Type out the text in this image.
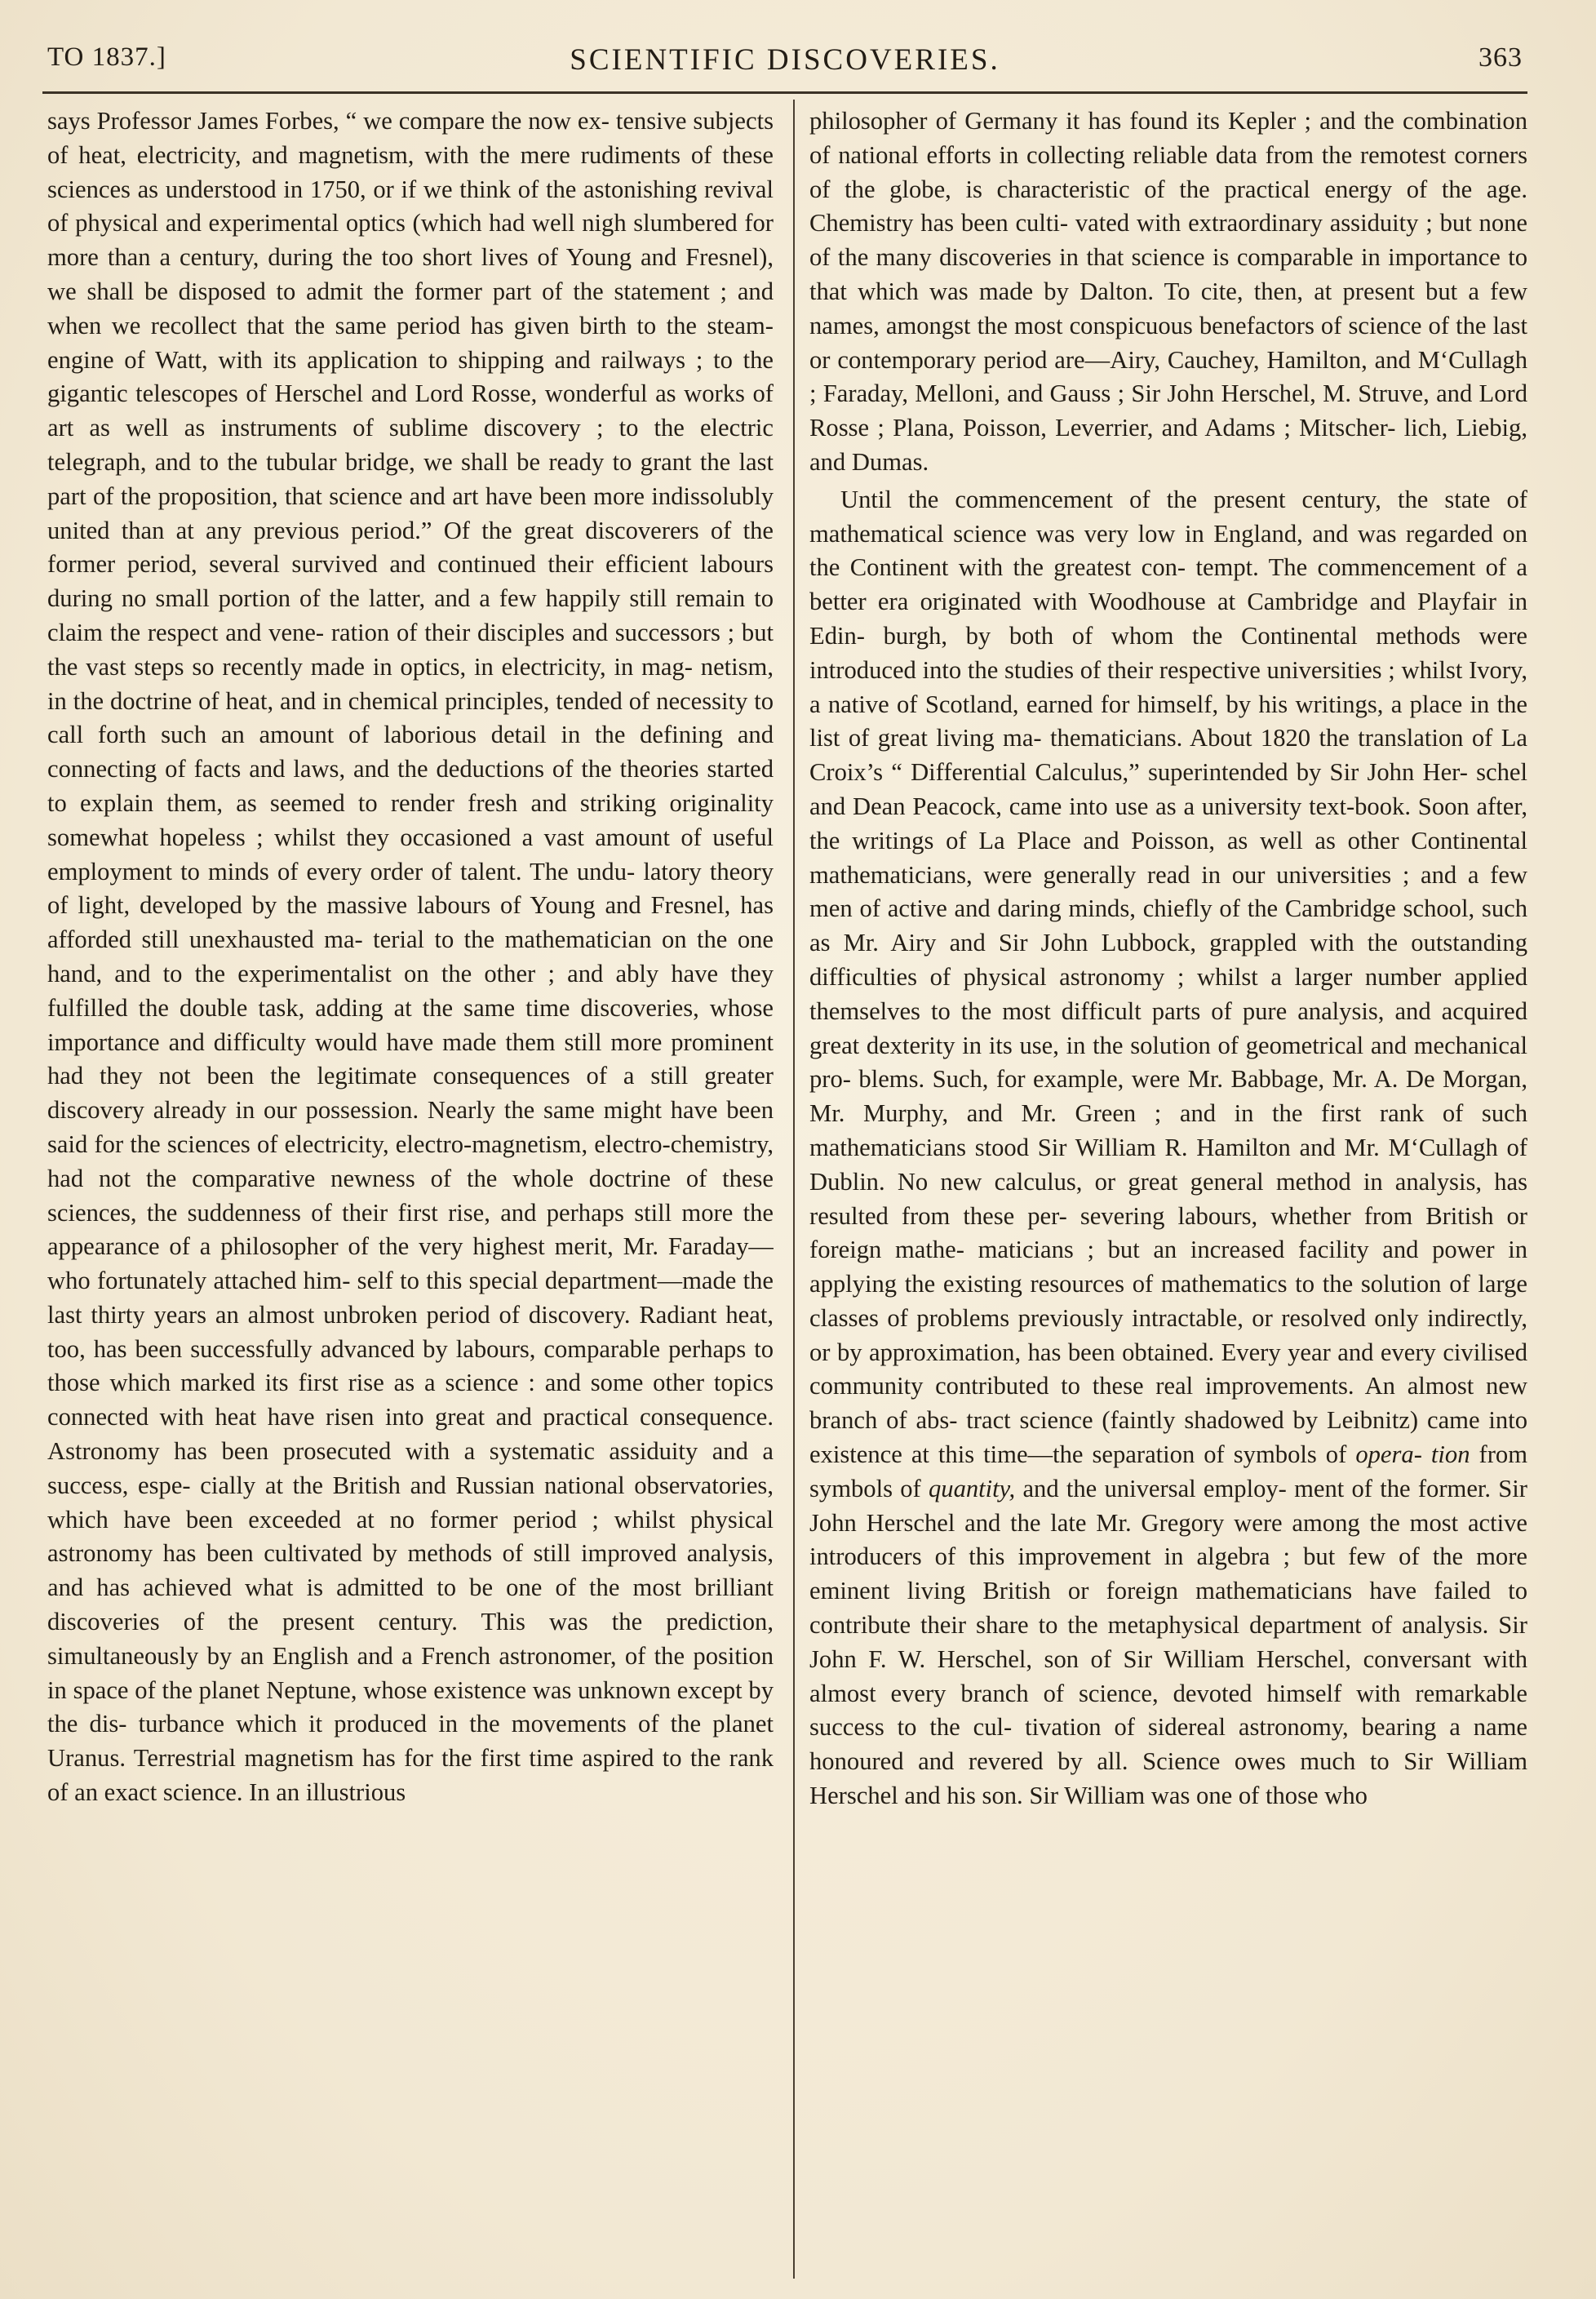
TO 1837.]	SCIENTIFIC DISCOVERIES.	363

says Professor James Forbes, “ we compare the now ex- tensive subjects of heat, electricity, and magnetism, with the mere rudiments of these sciences as understood in 1750, or if we think of the astonishing revival of physical and experimental optics (which had well nigh slumbered for more than a century, during the too short lives of Young and Fresnel), we shall be disposed to admit the former part of the statement ; and when we recollect that the same period has given birth to the steam-engine of Watt, with its application to shipping and railways ; to the gigantic telescopes of Herschel and Lord Rosse, wonderful as works of art as well as instruments of sublime discovery ; to the electric telegraph, and to the tubular bridge, we shall be ready to grant the last part of the proposition, that science and art have been more indissolubly united than at any previous period.” Of the great discoverers of the former period, several survived and continued their efficient labours during no small portion of the latter, and a few happily still remain to claim the respect and vene- ration of their disciples and successors ; but the vast steps so recently made in optics, in electricity, in mag- netism, in the doctrine of heat, and in chemical principles, tended of necessity to call forth such an amount of laborious detail in the defining and connecting of facts and laws, and the deductions of the theories started to explain them, as seemed to render fresh and striking originality somewhat hopeless ; whilst they occasioned a vast amount of useful employment to minds of every order of talent. The undu- latory theory of light, developed by the massive labours of Young and Fresnel, has afforded still unexhausted ma- terial to the mathematician on the one hand, and to the experimentalist on the other ; and ably have they fulfilled the double task, adding at the same time discoveries, whose importance and difficulty would have made them still more prominent had they not been the legitimate consequences of a still greater discovery already in our possession. Nearly the same might have been said for the sciences of electricity, electro-magnetism, electro-chemistry, had not the comparative newness of the whole doctrine of these sciences, the suddenness of their first rise, and perhaps still more the appearance of a philosopher of the very highest merit, Mr. Faraday—who fortunately attached him- self to this special department—made the last thirty years an almost unbroken period of discovery. Radiant heat, too, has been successfully advanced by labours, comparable perhaps to those which marked its first rise as a science : and some other topics connected with heat have risen into great and practical consequence. Astronomy has been prosecuted with a systematic assiduity and a success, espe- cially at the British and Russian national observatories, which have been exceeded at no former period ; whilst physical astronomy has been cultivated by methods of still improved analysis, and has achieved what is admitted to be one of the most brilliant discoveries of the present century. This was the prediction, simultaneously by an English and a French astronomer, of the position in space of the planet Neptune, whose existence was unknown except by the dis- turbance which it produced in the movements of the planet Uranus. Terrestrial magnetism has for the first time aspired to the rank of an exact science. In an illustrious

philosopher of Germany it has found its Kepler ; and the combination of national efforts in collecting reliable data from the remotest corners of the globe, is characteristic of the practical energy of the age. Chemistry has been culti- vated with extraordinary assiduity ; but none of the many discoveries in that science is comparable in importance to that which was made by Dalton. To cite, then, at present but a few names, amongst the most conspicuous benefactors of science of the last or contemporary period are—Airy, Cauchey, Hamilton, and M‘Cullagh ; Faraday, Melloni, and Gauss ; Sir John Herschel, M. Struve, and Lord Rosse ; Plana, Poisson, Leverrier, and Adams ; Mitscher- lich, Liebig, and Dumas.

Until the commencement of the present century, the state of mathematical science was very low in England, and was regarded on the Continent with the greatest con- tempt. The commencement of a better era originated with Woodhouse at Cambridge and Playfair in Edin- burgh, by both of whom the Continental methods were introduced into the studies of their respective universities ; whilst Ivory, a native of Scotland, earned for himself, by his writings, a place in the list of great living ma- thematicians. About 1820 the translation of La Croix’s “ Differential Calculus,” superintended by Sir John Her- schel and Dean Peacock, came into use as a university text-book. Soon after, the writings of La Place and Poisson, as well as other Continental mathematicians, were generally read in our universities ; and a few men of active and daring minds, chiefly of the Cambridge school, such as Mr. Airy and Sir John Lubbock, grappled with the outstanding difficulties of physical astronomy ; whilst a larger number applied themselves to the most difficult parts of pure analysis, and acquired great dexterity in its use, in the solution of geometrical and mechanical pro- blems. Such, for example, were Mr. Babbage, Mr. A. De Morgan, Mr. Murphy, and Mr. Green ; and in the first rank of such mathematicians stood Sir William R. Hamilton and Mr. M‘Cullagh of Dublin. No new calculus, or great general method in analysis, has resulted from these per- severing labours, whether from British or foreign mathe- maticians ; but an increased facility and power in applying the existing resources of mathematics to the solution of large classes of problems previously intractable, or resolved only indirectly, or by approximation, has been obtained. Every year and every civilised community contributed to these real improvements. An almost new branch of abs- tract science (faintly shadowed by Leibnitz) came into existence at this time—the separation of symbols of opera- tion from symbols of quantity, and the universal employ- ment of the former. Sir John Herschel and the late Mr. Gregory were among the most active introducers of this improvement in algebra ; but few of the more eminent living British or foreign mathematicians have failed to contribute their share to the metaphysical department of analysis. Sir John F. W. Herschel, son of Sir William Herschel, conversant with almost every branch of science, devoted himself with remarkable success to the cul- tivation of sidereal astronomy, bearing a name honoured and revered by all. Science owes much to Sir William Herschel and his son. Sir William was one of those who
